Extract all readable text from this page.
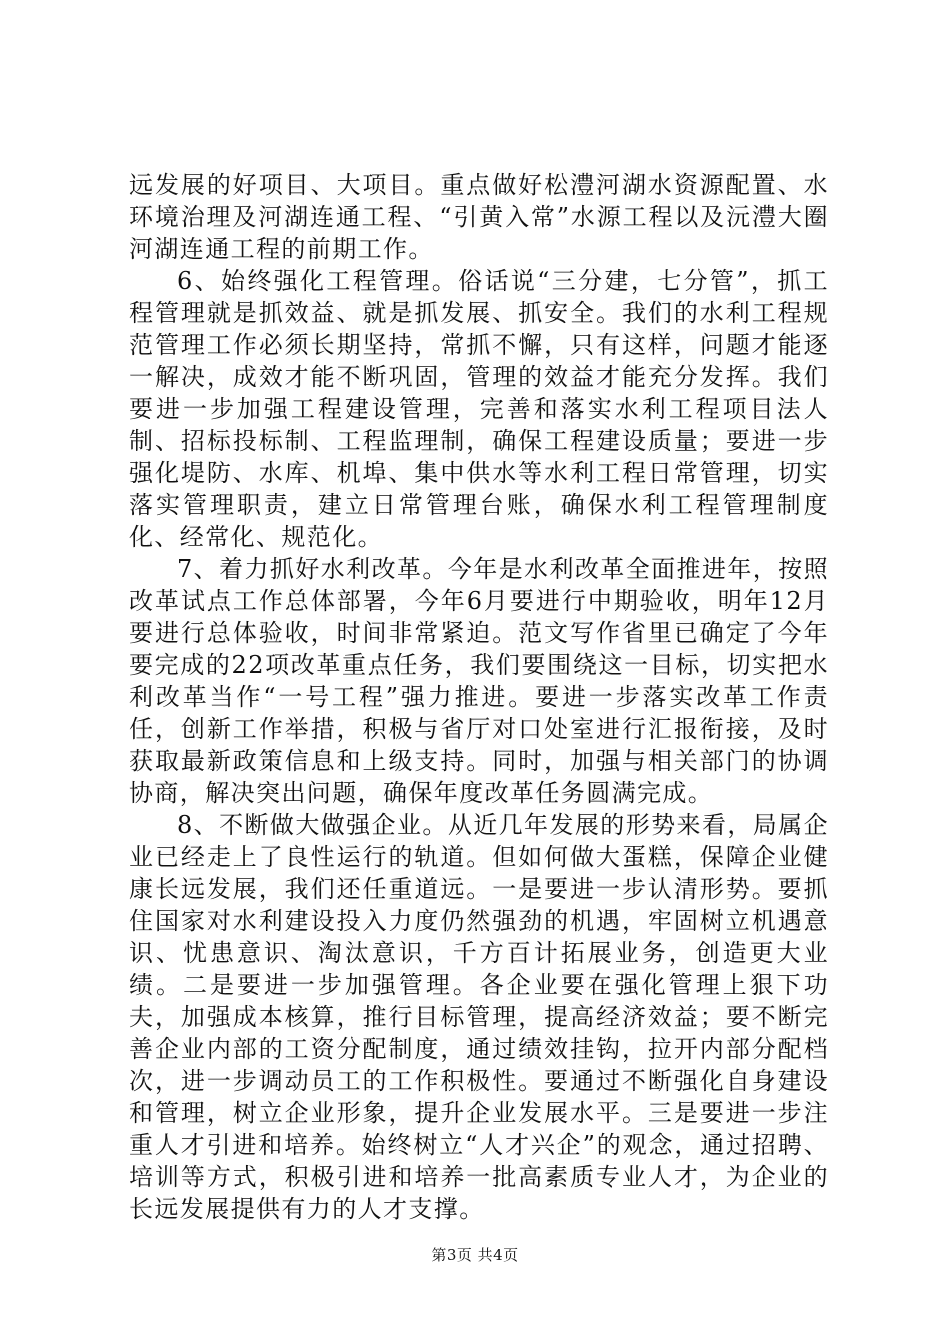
远发展的好项目、大项目。重点做好松澧河湖水资源配置、水环境治理及河湖连通工程、“引黄入常”水源工程以及沅澧大圈河湖连通工程的前期工作。

6、始终强化工程管理。俗话说“三分建，七分管”，抓工程管理就是抓效益、就是抓发展、抓安全。我们的水利工程规范管理工作必须长期坚持，常抓不懈，只有这样，问题才能逐一解决，成效才能不断巩固，管理的效益才能充分发挥。我们要进一步加强工程建设管理，完善和落实水利工程项目法人制、招标投标制、工程监理制，确保工程建设质量；要进一步强化堤防、水库、机埠、集中供水等水利工程日常管理，切实落实管理职责，建立日常管理台账，确保水利工程管理制度化、经常化、规范化。

7、着力抓好水利改革。今年是水利改革全面推进年，按照改革试点工作总体部署，今年6月要进行中期验收，明年12月要进行总体验收，时间非常紧迫。范文写作省里已确定了今年要完成的22项改革重点任务，我们要围绕这一目标，切实把水利改革当作“一号工程”强力推进。要进一步落实改革工作责任，创新工作举措，积极与省厅对口处室进行汇报衔接，及时获取最新政策信息和上级支持。同时，加强与相关部门的协调协商，解决突出问题，确保年度改革任务圆满完成。

8、不断做大做强企业。从近几年发展的形势来看，局属企业已经走上了良性运行的轨道。但如何做大蛋糕，保障企业健康长远发展，我们还任重道远。一是要进一步认清形势。要抓住国家对水利建设投入力度仍然强劲的机遇，牢固树立机遇意识、忧患意识、淘汰意识，千方百计拓展业务，创造更大业绩。二是要进一步加强管理。各企业要在强化管理上狠下功夫，加强成本核算，推行目标管理，提高经济效益；要不断完善企业内部的工资分配制度，通过绩效挂钩，拉开内部分配档次，进一步调动员工的工作积极性。要通过不断强化自身建设和管理，树立企业形象，提升企业发展水平。三是要进一步注重人才引进和培养。始终树立“人才兴企”的观念，通过招聘、培训等方式，积极引进和培养一批高素质专业人才，为企业的长远发展提供有力的人才支撑。

第3页 共4页
